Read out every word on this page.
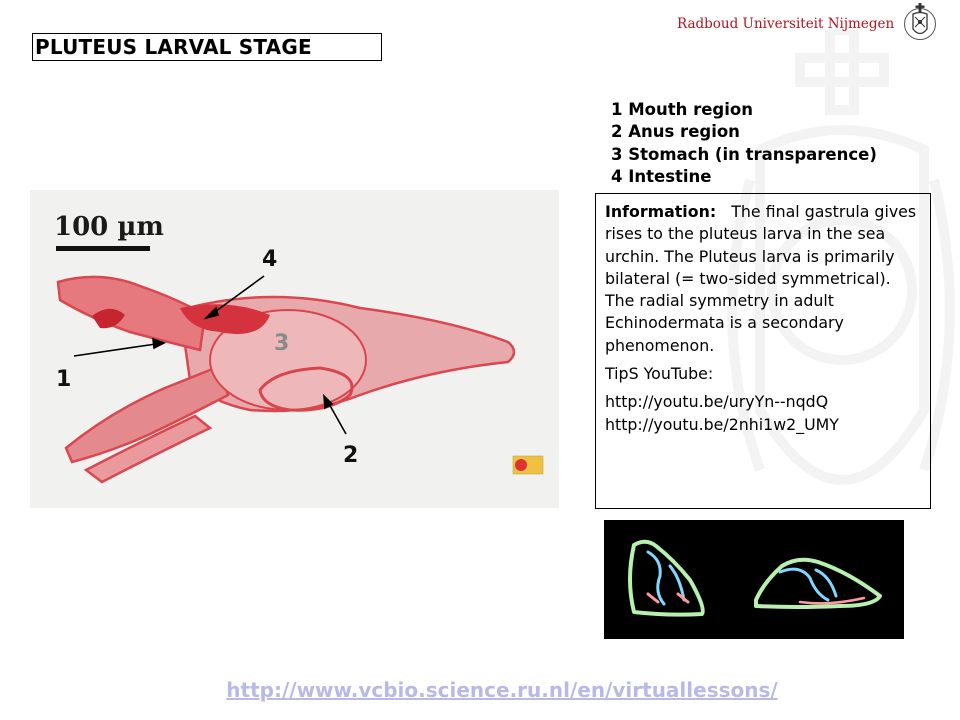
Radboud Universiteit Nijmegen
PLUTEUS LARVAL STAGE
1 Mouth region
2 Anus region
3 Stomach (in transparence)
4 Intestine

Information: The final gastrula gives rises to the pluteus larva in the sea urchin. The Pluteus larva is primarily bilateral (= two-sided symmetrical). The radial symmetry in adult Echinodermata is a secondary phenomenon.

TipS YouTube:

http://youtu.be/uryYn--nqdQ
http://youtu.be/2nhi1w2_UMY

100 µm
4
3
1
2
http://www.vcbio.science.ru.nl/en/virtuallessons/
